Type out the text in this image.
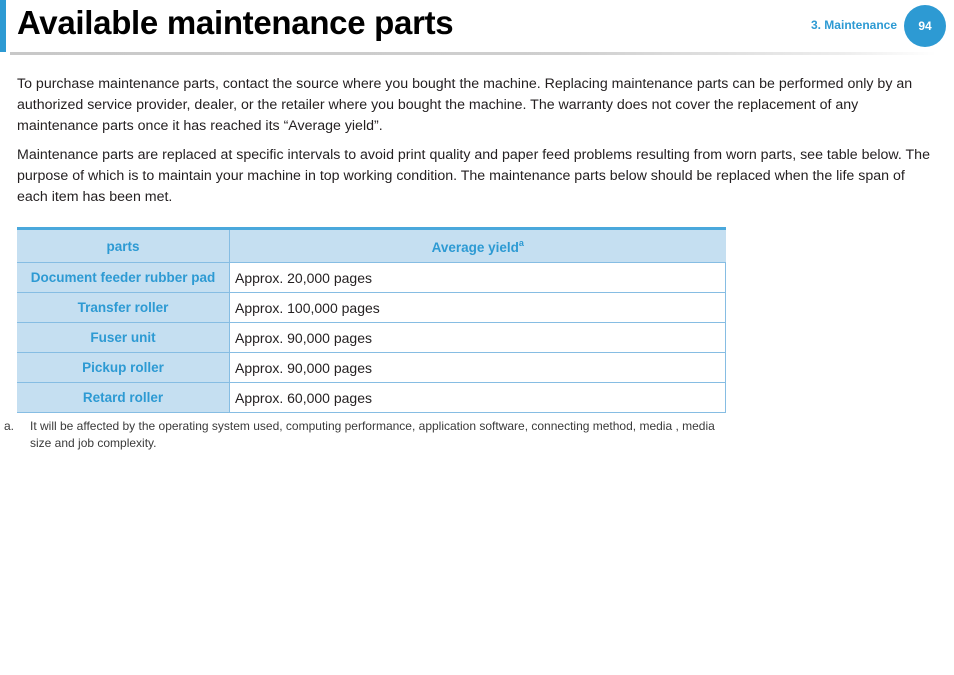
Available maintenance parts	3. Maintenance	94

To purchase maintenance parts, contact the source where you bought the machine. Replacing maintenance parts can be performed only by an authorized service provider, dealer, or the retailer where you bought the machine. The warranty does not cover the replacement of any maintenance parts once it has reached its “Average yield”.

Maintenance parts are replaced at specific intervals to avoid print quality and paper feed problems resulting from worn parts, see table below. The purpose of which is to maintain your machine in top working condition. The maintenance parts below should be replaced when the life span of each item has been met.

parts	Average yield$^a$
Document feeder rubber pad	Approx. 20,000 pages
Transfer roller	Approx. 100,000 pages
Fuser unit	Approx. 90,000 pages
Pickup roller	Approx. 90,000 pages
Retard roller	Approx. 60,000 pages
a. It will be affected by the operating system used, computing performance, application software, connecting method, media , media size and job complexity.
